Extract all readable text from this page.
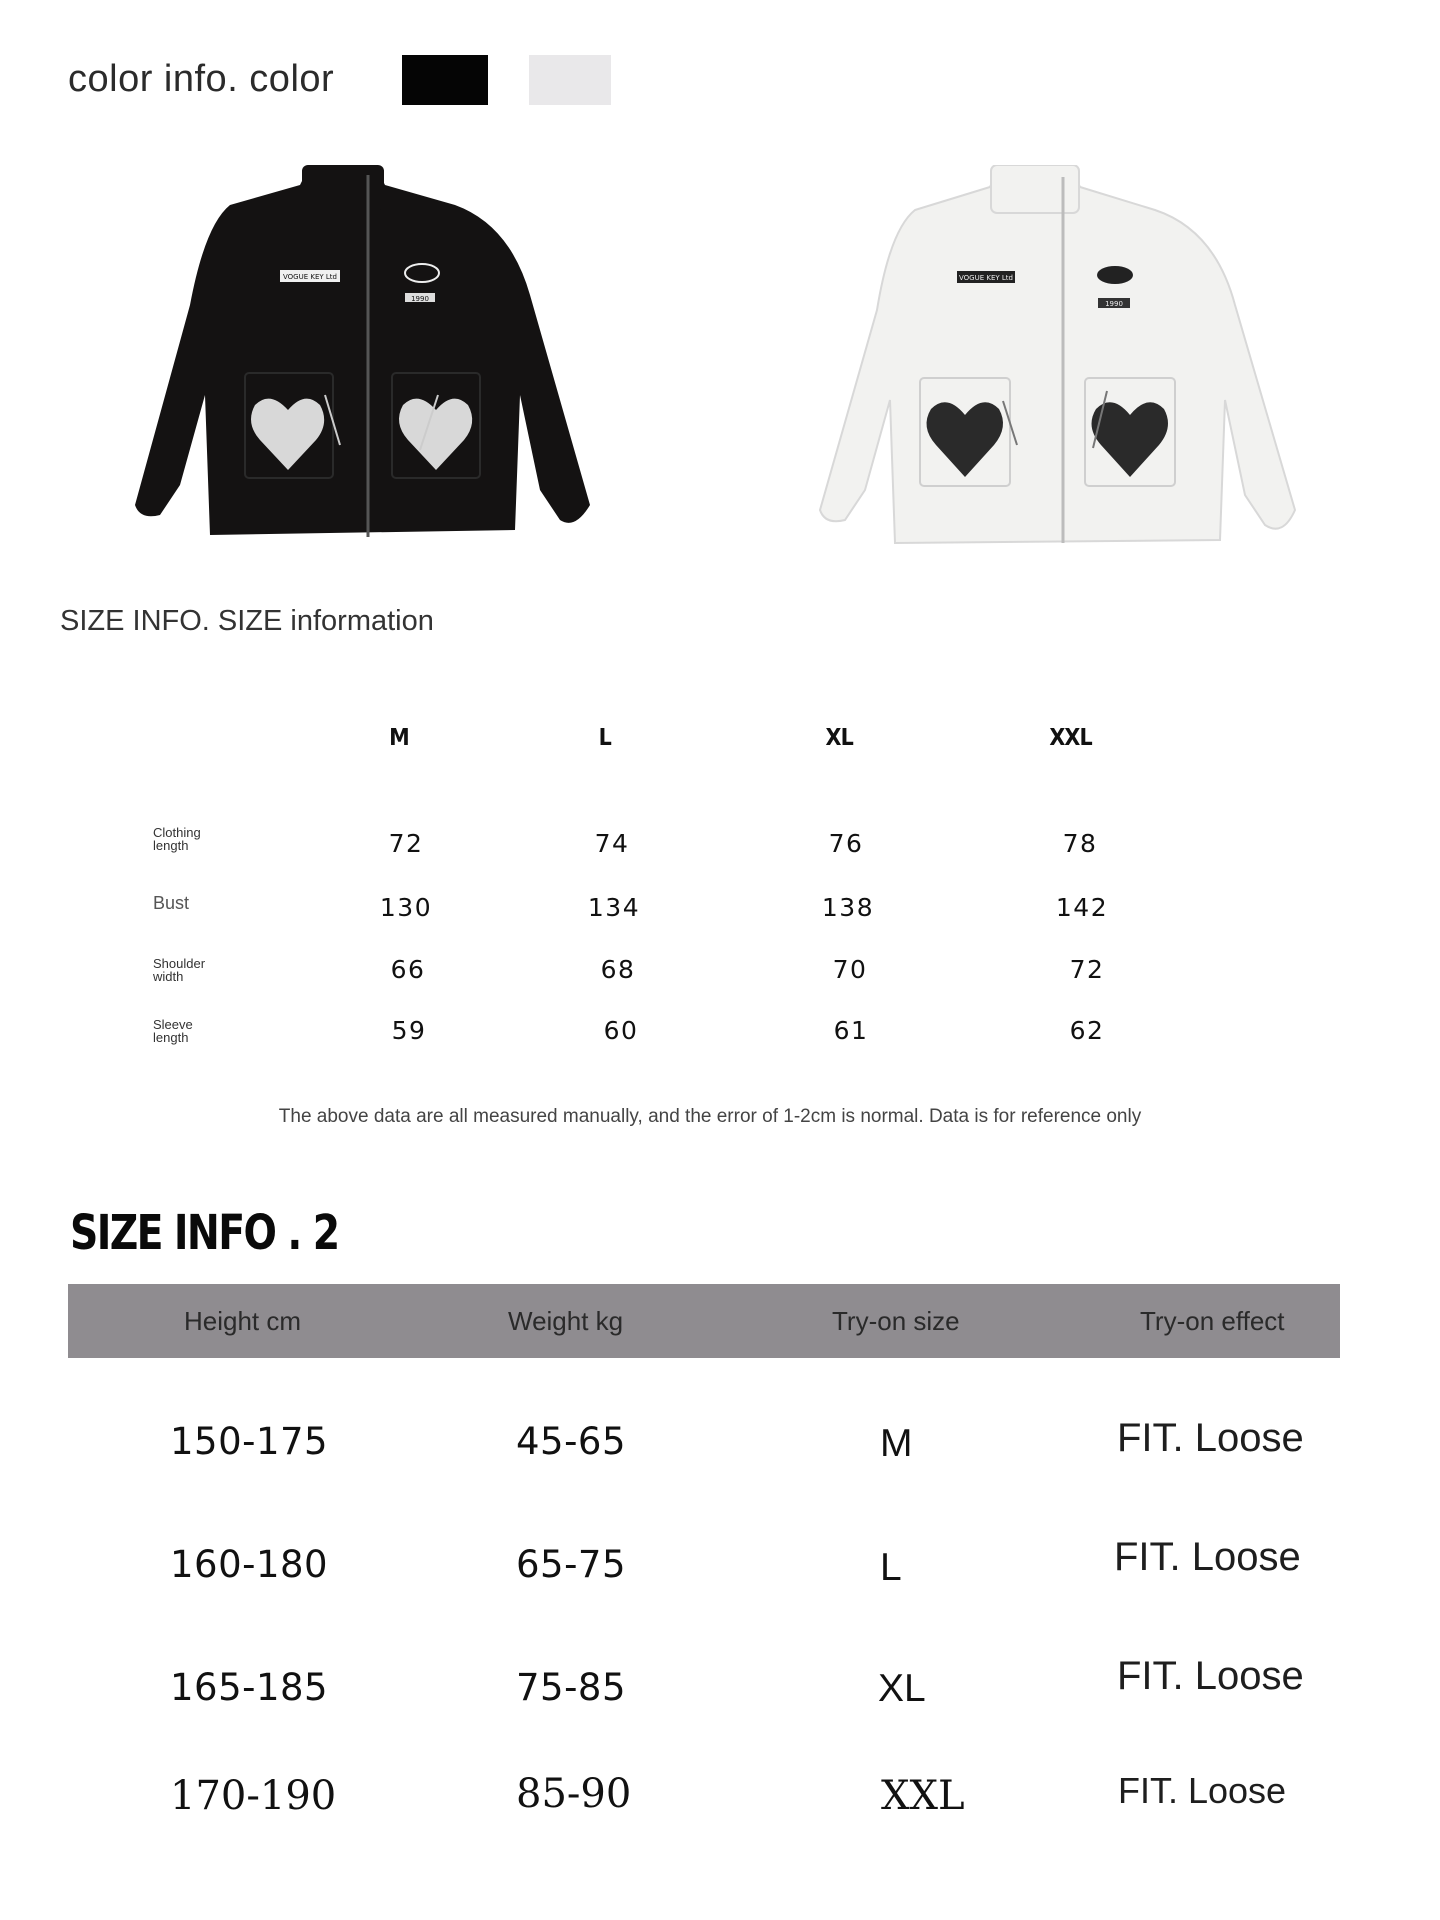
color info. color
VOGUE KEY Ltd
1990
VOGUE KEY Ltd
1990
SIZE INFO. SIZE information
M	L	XL	XXL
Clothing
length	72	74	76	78
Bust	130	134	138	142
Shoulder
width	66	68	70	72
Sleeve
length	59	60	61	62
The above data are all measured manually, and the error of 1-2cm is normal. Data is for reference only
SIZE INFO . 2
Height cm	Weight kg	Try-on size	Try-on effect
150-175	45-65	M	FIT. Loose
160-180	65-75	L	FIT. Loose
165-185	75-85	XL	FIT. Loose
170-190	85-90	XXL	FIT. Loose
